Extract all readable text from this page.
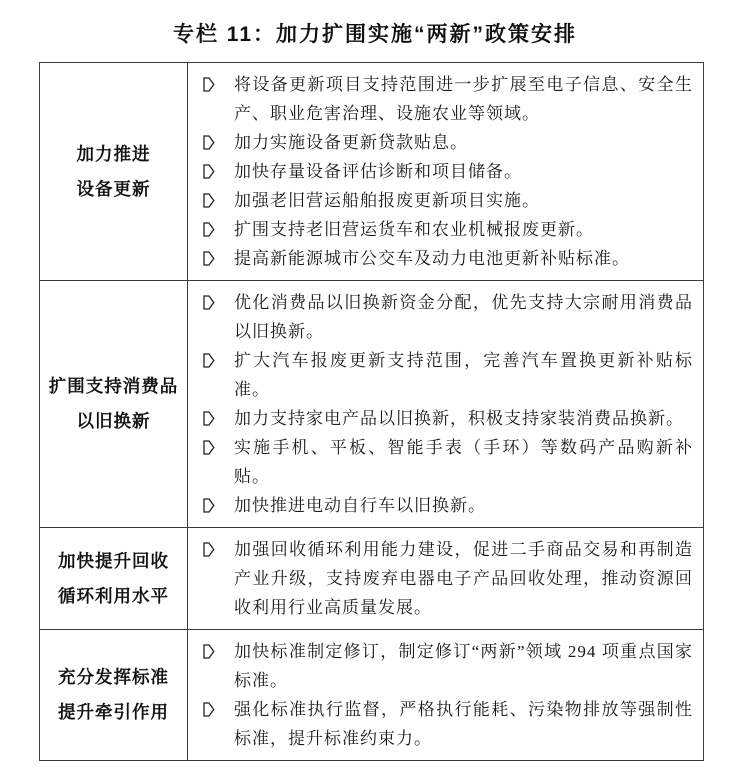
专栏 11：加力扩围实施“两新”政策安排
加力推进
设备更新

将设备更新项目支持范围进一步扩展至电子信息、安全生产、职业危害治理、设施农业等领域。
加力实施设备更新贷款贴息。
加快存量设备评估诊断和项目储备。
加强老旧营运船舶报废更新项目实施。
扩围支持老旧营运货车和农业机械报废更新。
提高新能源城市公交车及动力电池更新补贴标准。

扩围支持消费品
以旧换新

优化消费品以旧换新资金分配，优先支持大宗耐用消费品以旧换新。
扩大汽车报废更新支持范围，完善汽车置换更新补贴标准。
加力支持家电产品以旧换新，积极支持家装消费品换新。
实施手机、平板、智能手表（手环）等数码产品购新补贴。
加快推进电动自行车以旧换新。

加快提升回收
循环利用水平	加强回收循环利用能力建设，促进二手商品交易和再制造产业升级，支持废弃电器电子产品回收处理，推动资源回收利用行业高质量发展。

充分发挥标准
提升牵引作用

加快标准制定修订，制定修订“两新”领域 294 项重点国家标准。
强化标准执行监督，严格执行能耗、污染物排放等强制性标准，提升标准约束力。
